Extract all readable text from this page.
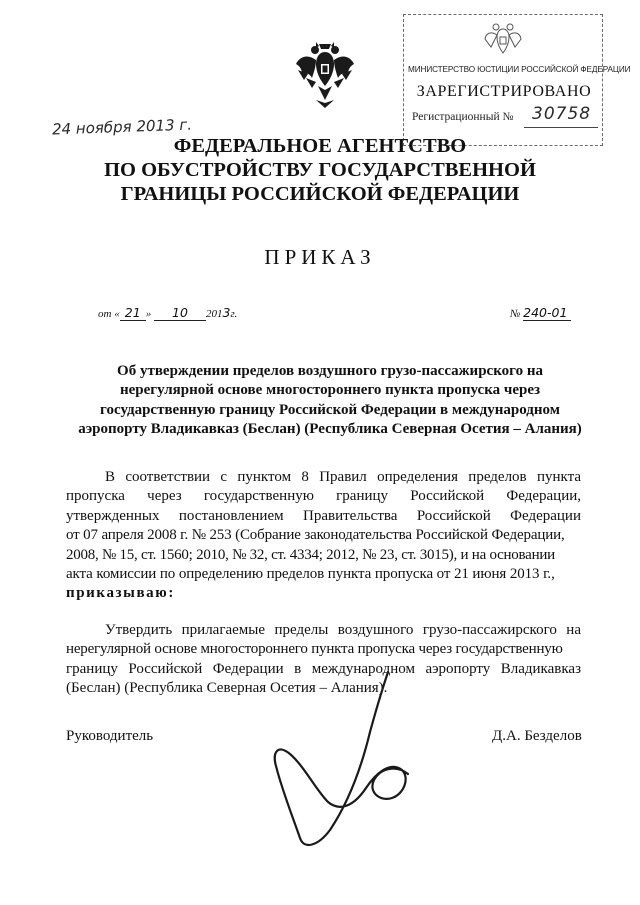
МИНИСТЕРСТВО ЮСТИЦИИ РОССИЙСКОЙ ФЕДЕРАЦИИ
ЗАРЕГИСТРИРОВАНО
Регистрационный № 30758
24 ноября 2013 г.
ФЕДЕРАЛЬНОЕ АГЕНТСТВО
ПО ОБУСТРОЙСТВУ ГОСУДАРСТВЕННОЙ
ГРАНИЦЫ РОССИЙСКОЙ ФЕДЕРАЦИИ
ПРИКАЗ
от « 21 » 10 2013г.	№ 240-01
Об утверждении пределов воздушного грузо-пассажирского на
нерегулярной основе многостороннего пункта пропуска через
государственную границу Российской Федерации в международном
аэропорту Владикавказ (Беслан) (Республика Северная Осетия – Алания)
В соответствии с пунктом 8 Правил определения пределов пункта
пропуска через государственную границу Российской Федерации,
утвержденных постановлением Правительства Российской Федерации
от 07 апреля 2008 г. № 253 (Собрание законодательства Российской Федерации,
2008, № 15, ст. 1560; 2010, № 32, ст. 4334; 2012, № 23, ст. 3015), и на основании
акта комиссии по определению пределов пункта пропуска от 21 июня 2013 г.,
приказываю:
Утвердить прилагаемые пределы воздушного грузо-пассажирского на
нерегулярной основе многостороннего пункта пропуска через государственную
границу Российской Федерации в международном аэропорту Владикавказ
(Беслан) (Республика Северная Осетия – Алания).
Руководитель	Д.А. Безделов
